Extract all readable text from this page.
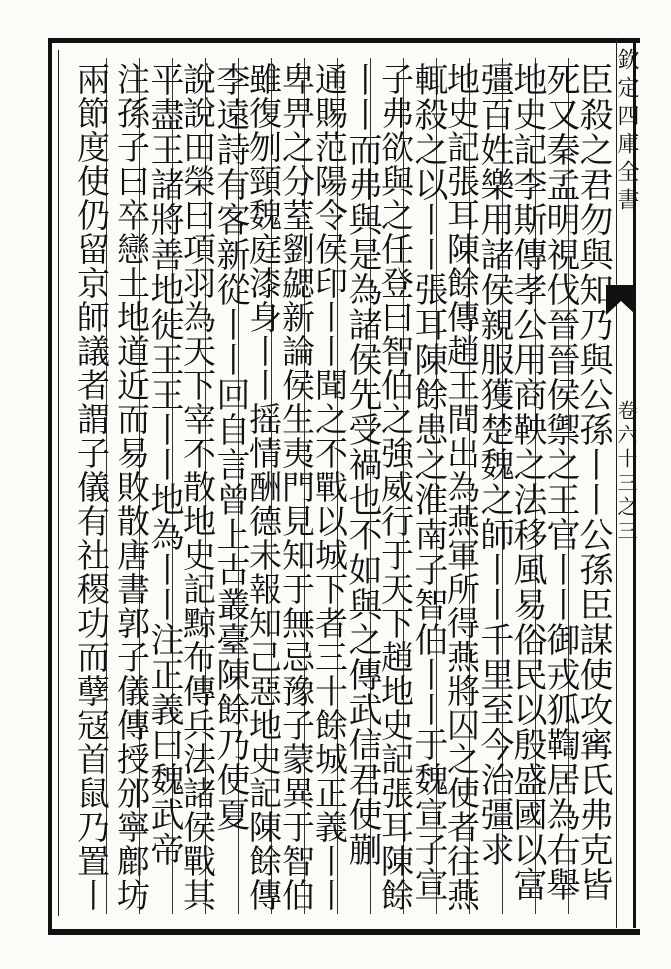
欽定四庫全書
卷六十三之三
臣殺之君勿與知乃與公孫丨丨公孫臣謀使攻寗氏弗克皆
死又秦孟明視伐晉晉侯禦之王官丨丨御戎狐鞫居為右舉
地史記李斯傳孝公用商鞅之法移風易俗民以殷盛國以富
彊百姓樂用諸侯親服獲楚魏之師丨丨千里至今治彊求
地史記張耳陳餘傳趙王間出為燕軍所得燕將囚之使者往燕
輒殺之以丨丨張耳陳餘患之淮南子智伯丨丨于魏宣子宣
子弗欲與之任登曰智伯之強威行于天下趙地史記張耳陳餘
丨丨而弗與是為諸侯先受禍也不如與之傳武信君使蒯
通賜范陽令侯印丨丨聞之不戰以城下者三十餘城正義丨丨
卑畀之分荎劉勰新論侯生夷門見知于無忌豫子蒙異于智伯
雖復刎頸魏庭漆身丨丨摇情酬德未報知己惡地史記陳餘傳
李遠詩有客新從丨丨回自言曾上古叢臺陳餘乃使夏
說說田榮曰項羽為天下宰不散地史記黥布傳兵法諸侯戰其
平盡王諸將善地徙王王丨丨地為丨丨注正義曰魏武帝
注孫子曰卒戀土地道近而易敗散唐書郭子儀傳授邠寧鄜坊
兩節度使仍留京師議者謂子儀有社稷功而孽冦首鼠乃置丨
